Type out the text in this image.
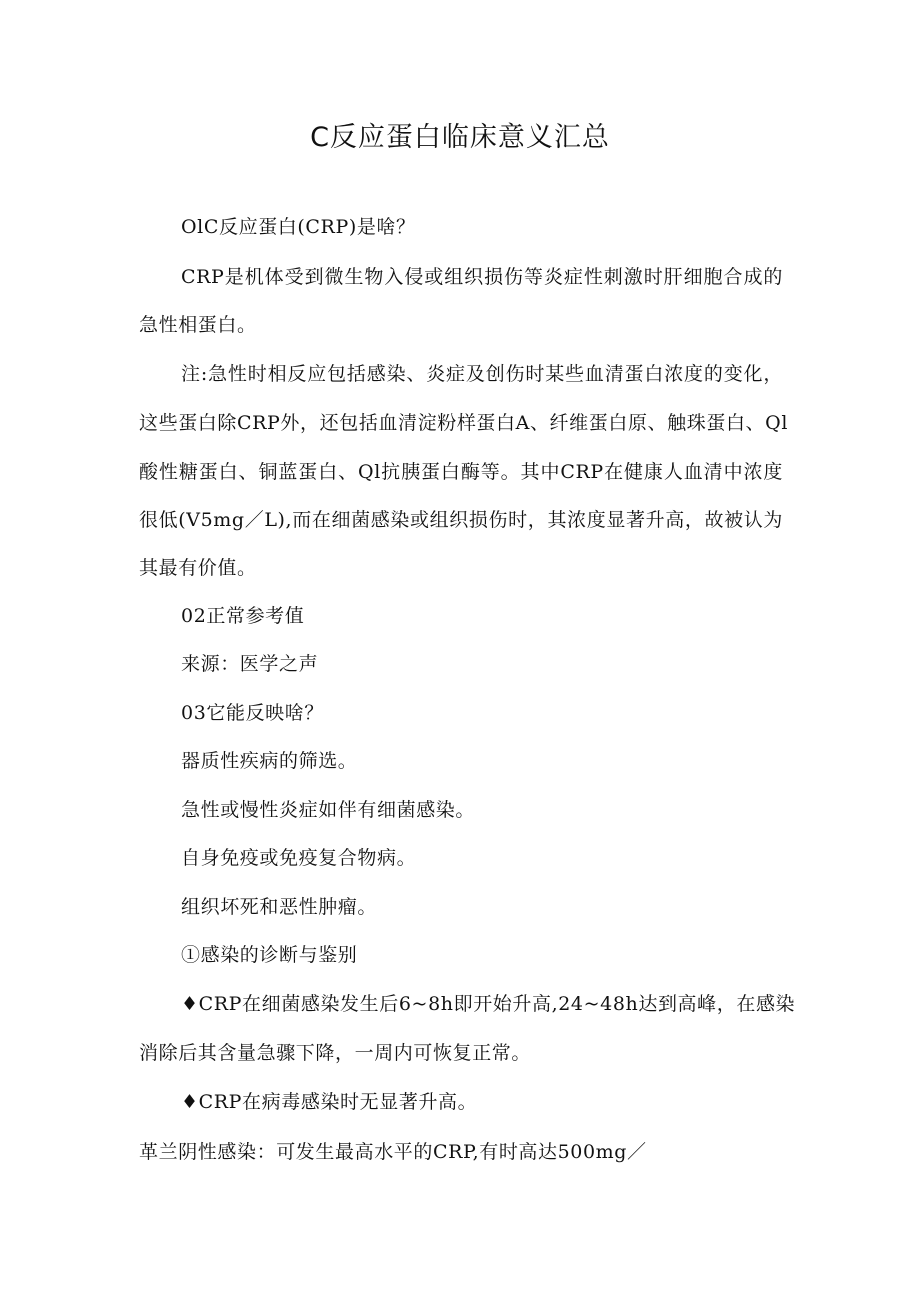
C反应蛋白临床意义汇总

OlC反应蛋白(CRP)是啥？

CRP是机体受到微生物入侵或组织损伤等炎症性刺激时肝细胞合成的

急性相蛋白。

注:急性时相反应包括感染、炎症及创伤时某些血清蛋白浓度的变化，

这些蛋白除CRP外，还包括血清淀粉样蛋白A、纤维蛋白原、触珠蛋白、Ql

酸性糖蛋白、铜蓝蛋白、Ql抗胰蛋白酶等。其中CRP在健康人血清中浓度

很低(V5mg／L),而在细菌感染或组织损伤时，其浓度显著升高，故被认为

其最有价值。

02正常参考值

来源：医学之声

03它能反映啥？

器质性疾病的筛选。

急性或慢性炎症如伴有细菌感染。

自身免疫或免疫复合物病。

组织坏死和恶性肿瘤。

①感染的诊断与鉴别

♦CRP在细菌感染发生后6~8h即开始升高,24~48h达到高峰，在感染

消除后其含量急骤下降，一周内可恢复正常。

♦CRP在病毒感染时无显著升高。

革兰阴性感染：可发生最高水平的CRP,有时高达500mg／
